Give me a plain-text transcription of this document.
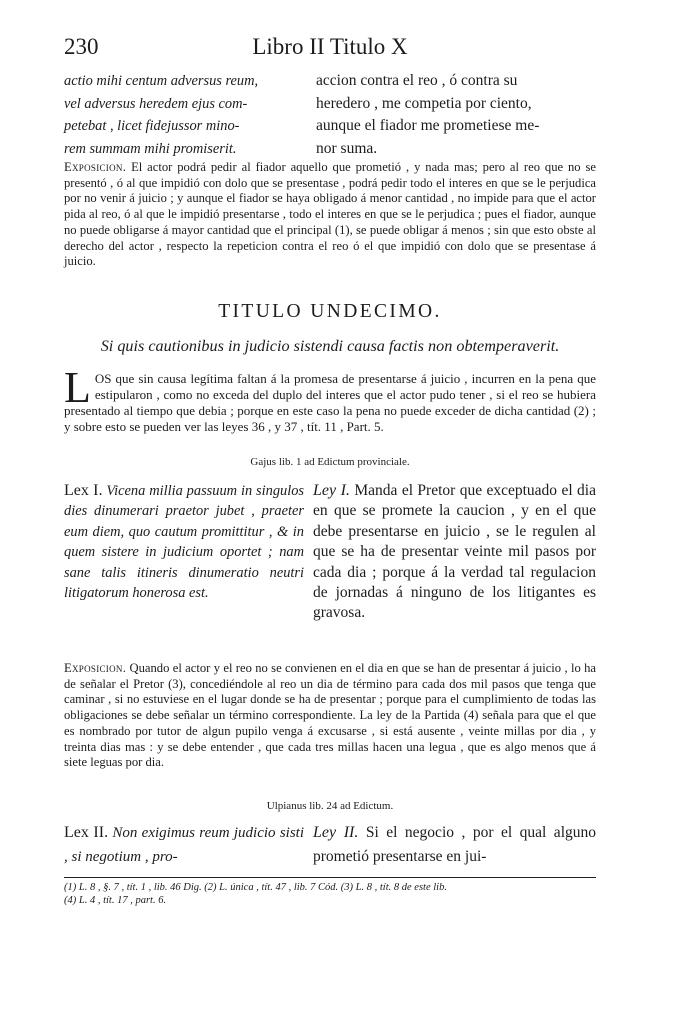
230	Libro II Titulo X
actio mihi centum adversus reum,
vel adversus heredem ejus com-
petebat , licet fidejussor mino-
rem summam mihi promiserit.
accion contra el reo , ó contra su
heredero , me competia por ciento,
aunque el fiador me prometiese me-
nor suma.
Exposicion. El actor podrá pedir al fiador aquello que prometió , y nada mas; pero al reo que no se presentó , ó al que impidió con dolo que se presentase , podrá pedir todo el interes en que se le perjudica por no venir á juicio ; y aunque el fiador se haya obligado á menor cantidad , no impide para que el actor pida al reo, ó al que le impidió presentarse , todo el interes en que se le perjudica ; pues el fiador, aunque no puede obligarse á mayor cantidad que el principal (1), se puede obligar á menos ; sin que esto obste al derecho del actor , respecto la repeticion contra el reo ó el que impidió con dolo que se presentase á juicio.
TITULO UNDECIMO.
Si quis cautionibus in judicio sistendi causa factis non obtemperaverit.
LOS que sin causa legítima faltan á la promesa de presentarse á juicio , incurren en la pena que estipularon , como no exceda del duplo del interes que el actor pudo tener , si el reo se hubiera presentado al tiempo que debia ; porque en este caso la pena no puede exceder de dicha cantidad (2) ; y sobre esto se pueden ver las leyes 36 , y 37 , tít. 11 , Part. 5.
Gajus lib. 1 ad Edictum provinciale.
Lex I. Vicena millia passuum in singulos dies dinumerari praetor jubet , praeter eum diem, quo cautum promittitur , & in quem sistere in judicium oportet ; nam sane talis itineris dinumeratio neutri litigatorum honerosa est.
Ley I. Manda el Pretor que exceptuado el dia en que se promete la caucion , y en el que debe presentarse en juicio , se le regulen al que se ha de presentar veinte mil pasos por cada dia ; porque á la verdad tal regulacion de jornadas á ninguno de los litigantes es gravosa.
Exposicion. Quando el actor y el reo no se convienen en el dia en que se han de presentar á juicio , lo ha de señalar el Pretor (3), concediéndole al reo un dia de término para cada dos mil pasos que tenga que caminar , si no estuviese en el lugar donde se ha de presentar ; porque para el cumplimiento de todas las obligaciones se debe señalar un término correspondiente. La ley de la Partida (4) señala para que el que es nombrado por tutor de algun pupilo venga á excusarse , si está ausente , veinte millas por dia , y treinta dias mas : y se debe entender , que cada tres millas hacen una legua , que es algo menos que á siete leguas por dia.
Ulpianus lib. 24 ad Edictum.
Lex II. Non exigimus reum judicio sisti , si negotium , pro-
Ley II. Si el negocio , por el qual alguno prometió presentarse en jui-
(1) L. 8 , §. 7 , tít. 1 , lib. 46 Dig. (2) L. única , tít. 47 , lib. 7 Cód. (3) L. 8 , tít. 8 de este lib.
(4) L. 4 , tít. 17 , part. 6.
